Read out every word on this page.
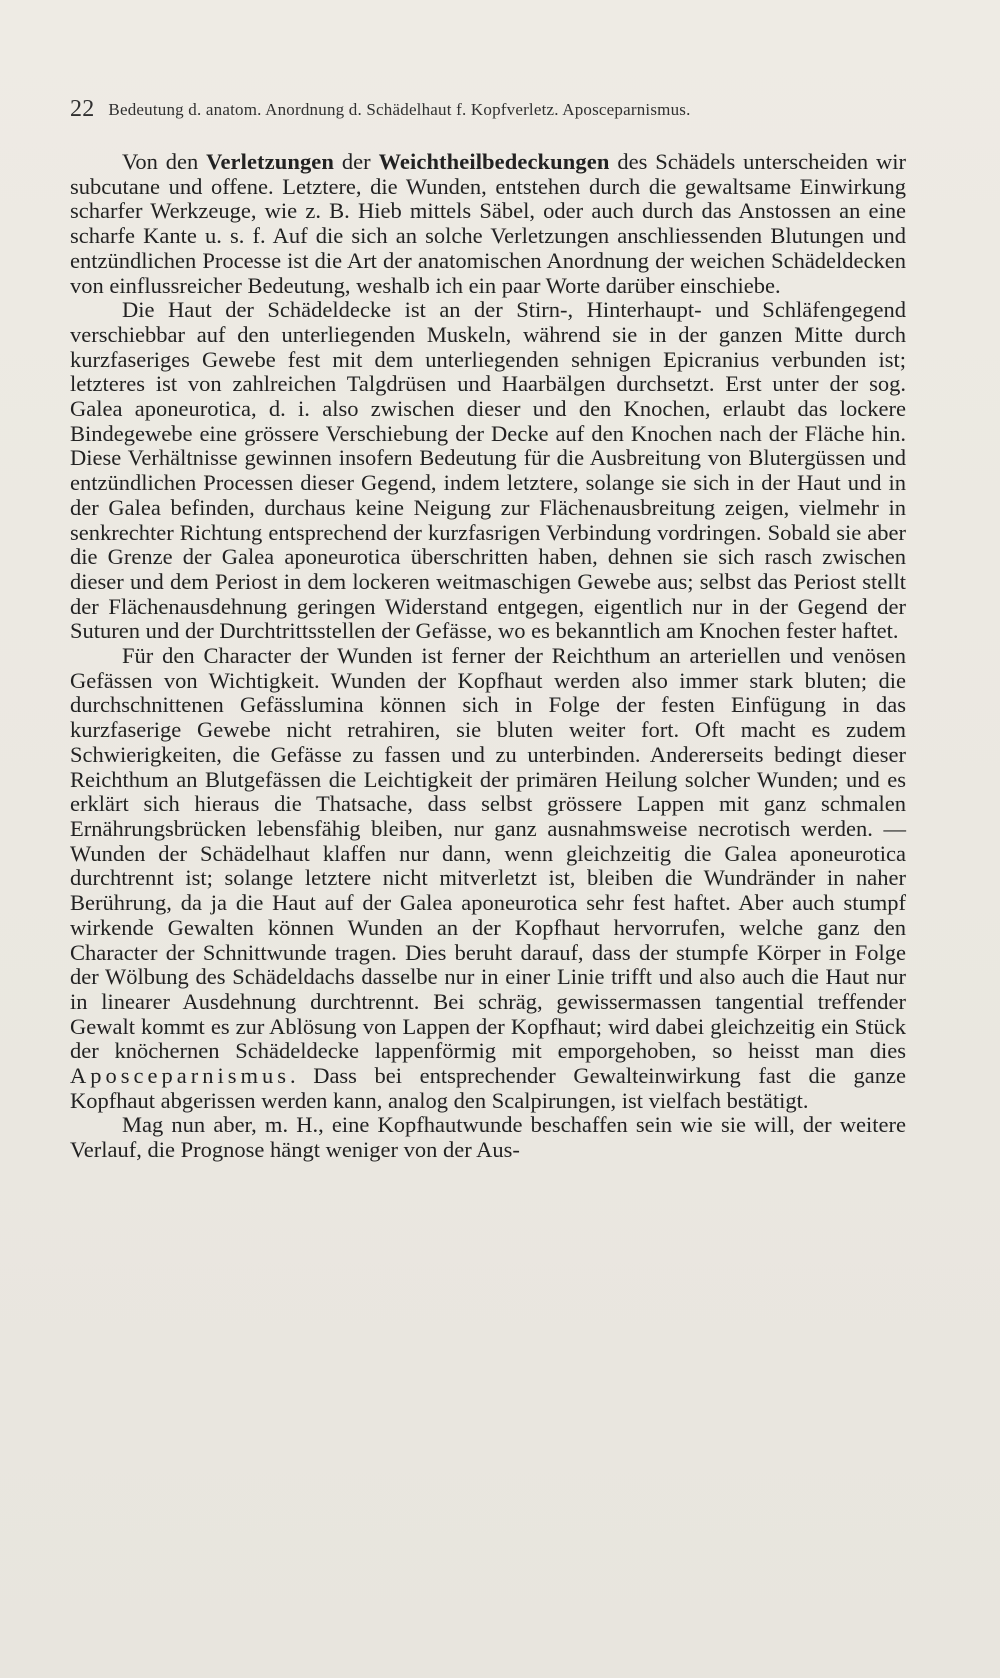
22 Bedeutung d. anatom. Anordnung d. Schädelhaut f. Kopfverletz. Aposceparnismus.

Von den Verletzungen der Weichtheilbedeckungen des Schädels unterscheiden wir subcutane und offene. Letztere, die Wunden, entstehen durch die gewaltsame Einwirkung scharfer Werkzeuge, wie z. B. Hieb mittels Säbel, oder auch durch das Anstossen an eine scharfe Kante u. s. f. Auf die sich an solche Verletzungen anschliessenden Blutungen und entzündlichen Processe ist die Art der anatomischen Anordnung der weichen Schädeldecken von einflussreicher Bedeutung, weshalb ich ein paar Worte darüber einschiebe.

Die Haut der Schädeldecke ist an der Stirn-, Hinterhaupt- und Schläfengegend verschiebbar auf den unterliegenden Muskeln, während sie in der ganzen Mitte durch kurzfaseriges Gewebe fest mit dem unterliegenden sehnigen Epicranius verbunden ist; letzteres ist von zahlreichen Talgdrüsen und Haarbälgen durchsetzt. Erst unter der sog. Galea aponeurotica, d. i. also zwischen dieser und den Knochen, erlaubt das lockere Bindegewebe eine grössere Verschiebung der Decke auf den Knochen nach der Fläche hin. Diese Verhältnisse gewinnen insofern Bedeutung für die Ausbreitung von Blutergüssen und entzündlichen Processen dieser Gegend, indem letztere, solange sie sich in der Haut und in der Galea befinden, durchaus keine Neigung zur Flächenausbreitung zeigen, vielmehr in senkrechter Richtung entsprechend der kurzfasrigen Verbindung vordringen. Sobald sie aber die Grenze der Galea aponeurotica überschritten haben, dehnen sie sich rasch zwischen dieser und dem Periost in dem lockeren weitmaschigen Gewebe aus; selbst das Periost stellt der Flächenausdehnung geringen Widerstand entgegen, eigentlich nur in der Gegend der Suturen und der Durchtrittsstellen der Gefässe, wo es bekanntlich am Knochen fester haftet.

Für den Character der Wunden ist ferner der Reichthum an arteriellen und venösen Gefässen von Wichtigkeit. Wunden der Kopfhaut werden also immer stark bluten; die durchschnittenen Gefässlumina können sich in Folge der festen Einfügung in das kurzfaserige Gewebe nicht retrahiren, sie bluten weiter fort. Oft macht es zudem Schwierigkeiten, die Gefässe zu fassen und zu unterbinden. Andererseits bedingt dieser Reichthum an Blutgefässen die Leichtigkeit der primären Heilung solcher Wunden; und es erklärt sich hieraus die Thatsache, dass selbst grössere Lappen mit ganz schmalen Ernährungsbrücken lebensfähig bleiben, nur ganz ausnahmsweise necrotisch werden. — Wunden der Schädelhaut klaffen nur dann, wenn gleichzeitig die Galea aponeurotica durchtrennt ist; solange letztere nicht mitverletzt ist, bleiben die Wundränder in naher Berührung, da ja die Haut auf der Galea aponeurotica sehr fest haftet. Aber auch stumpf wirkende Gewalten können Wunden an der Kopfhaut hervorrufen, welche ganz den Character der Schnittwunde tragen. Dies beruht darauf, dass der stumpfe Körper in Folge der Wölbung des Schädeldachs dasselbe nur in einer Linie trifft und also auch die Haut nur in linearer Ausdehnung durchtrennt. Bei schräg, gewissermassen tangential treffender Gewalt kommt es zur Ablösung von Lappen der Kopfhaut; wird dabei gleichzeitig ein Stück der knöchernen Schädeldecke lappenförmig mit emporgehoben, so heisst man dies Aposceparnismus. Dass bei entsprechender Gewalteinwirkung fast die ganze Kopfhaut abgerissen werden kann, analog den Scalpirungen, ist vielfach bestätigt.

Mag nun aber, m. H., eine Kopfhautwunde beschaffen sein wie sie will, der weitere Verlauf, die Prognose hängt weniger von der Aus-
